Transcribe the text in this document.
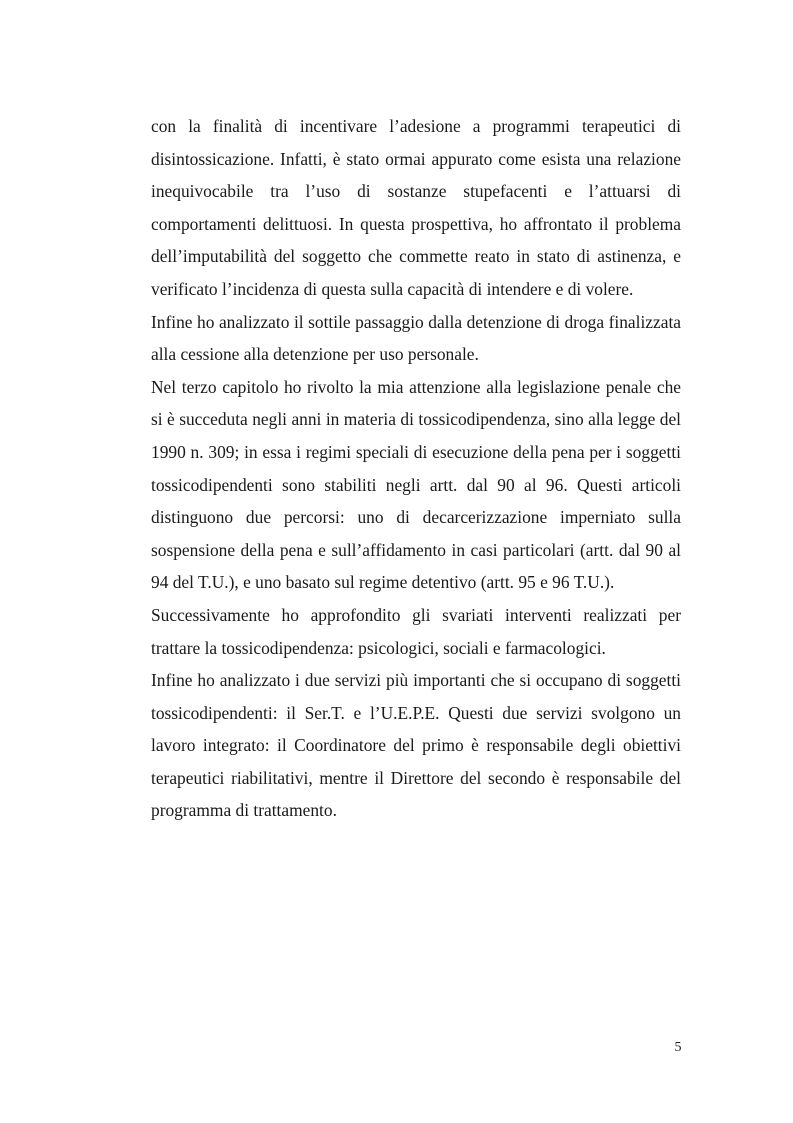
con la finalità di incentivare l’adesione a programmi terapeutici di disintossicazione. Infatti, è stato ormai appurato come esista una relazione inequivocabile tra l’uso di sostanze stupefacenti e l’attuarsi di comportamenti delittuosi. In questa prospettiva, ho affrontato il problema dell’imputabilità del soggetto che commette reato in stato di astinenza, e verificato l’incidenza di questa sulla capacità di intendere e di volere.

Infine ho analizzato il sottile passaggio dalla detenzione di droga finalizzata alla cessione alla detenzione per uso personale.

Nel terzo capitolo ho rivolto la mia attenzione alla legislazione penale che si è succeduta negli anni in materia di tossicodipendenza, sino alla legge del 1990 n. 309; in essa i regimi speciali di esecuzione della pena per i soggetti tossicodipendenti sono stabiliti negli artt. dal 90 al 96. Questi articoli distinguono due percorsi: uno di decarcerizzazione imperniato sulla sospensione della pena e sull’affidamento in casi particolari (artt. dal 90 al 94 del T.U.), e uno basato sul regime detentivo (artt. 95 e 96 T.U.).

Successivamente ho approfondito gli svariati interventi realizzati per trattare la tossicodipendenza: psicologici, sociali e farmacologici.

Infine ho analizzato i due servizi più importanti che si occupano di soggetti tossicodipendenti: il Ser.T. e l’U.E.P.E. Questi due servizi svolgono un lavoro integrato: il Coordinatore del primo è responsabile degli obiettivi terapeutici riabilitativi, mentre il Direttore del secondo è responsabile del programma di trattamento.

5
